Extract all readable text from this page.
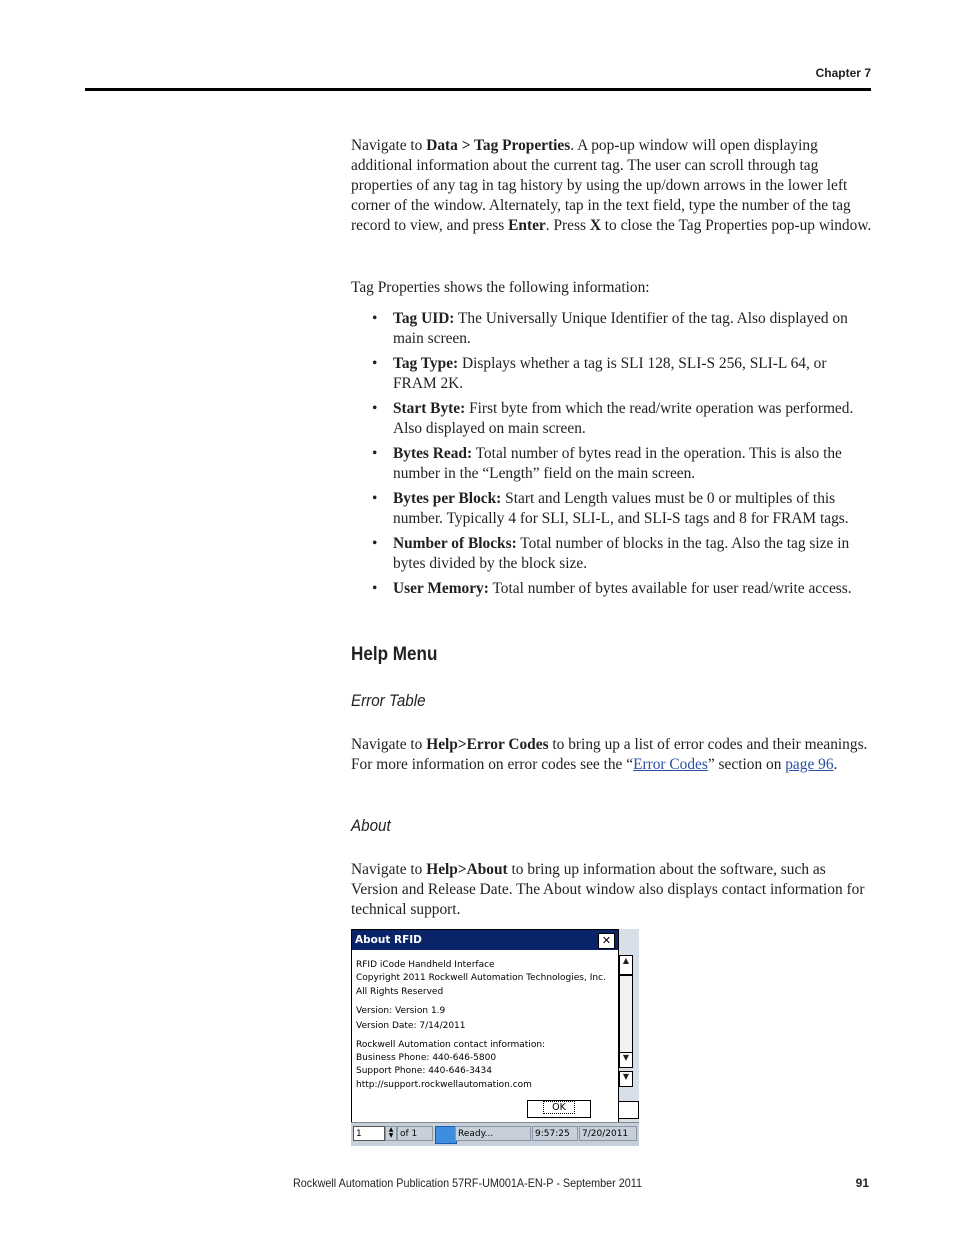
Chapter 7

Navigate to Data > Tag Properties. A pop-up window will open displaying additional information about the current tag. The user can scroll through tag properties of any tag in tag history by using the up/down arrows in the lower left corner of the window. Alternately, tap in the text field, type the number of the tag record to view, and press Enter. Press X to close the Tag Properties pop-up window.

Tag Properties shows the following information:

• Tag UID: The Universally Unique Identifier of the tag. Also displayed on main screen.
• Tag Type: Displays whether a tag is SLI 128, SLI-S 256, SLI-L 64, or FRAM 2K.
• Start Byte: First byte from which the read/write operation was performed. Also displayed on main screen.
• Bytes Read: Total number of bytes read in the operation. This is also the number in the “Length” field on the main screen.
• Bytes per Block: Start and Length values must be 0 or multiples of this number. Typically 4 for SLI, SLI-L, and SLI-S tags and 8 for FRAM tags.
• Number of Blocks: Total number of blocks in the tag. Also the tag size in bytes divided by the block size.
• User Memory: Total number of bytes available for user read/write access.
Help Menu
Error Table

Navigate to Help>Error Codes to bring up a list of error codes and their meanings. For more information on error codes see the “Error Codes” section on page 96.

About

Navigate to Help>About to bring up information about the software, such as Version and Release Date. The About window also displays contact information for technical support.

▲
▼
▼
About RFID	✕
RFID iCode Handheld Interface
Copyright 2011 Rockwell Automation Technologies, Inc.
All Rights Reserved
Version: Version 1.9
Version Date: 7/14/2011
Rockwell Automation contact information:
Business Phone: 440-646-5800
Support Phone: 440-646-3434
http://support.rockwellautomation.com
OK
1	▲
▼ of 1	Ready...	9:57:25	7/20/2011
Rockwell Automation Publication 57RF-UM001A-EN-P - September 2011	91
